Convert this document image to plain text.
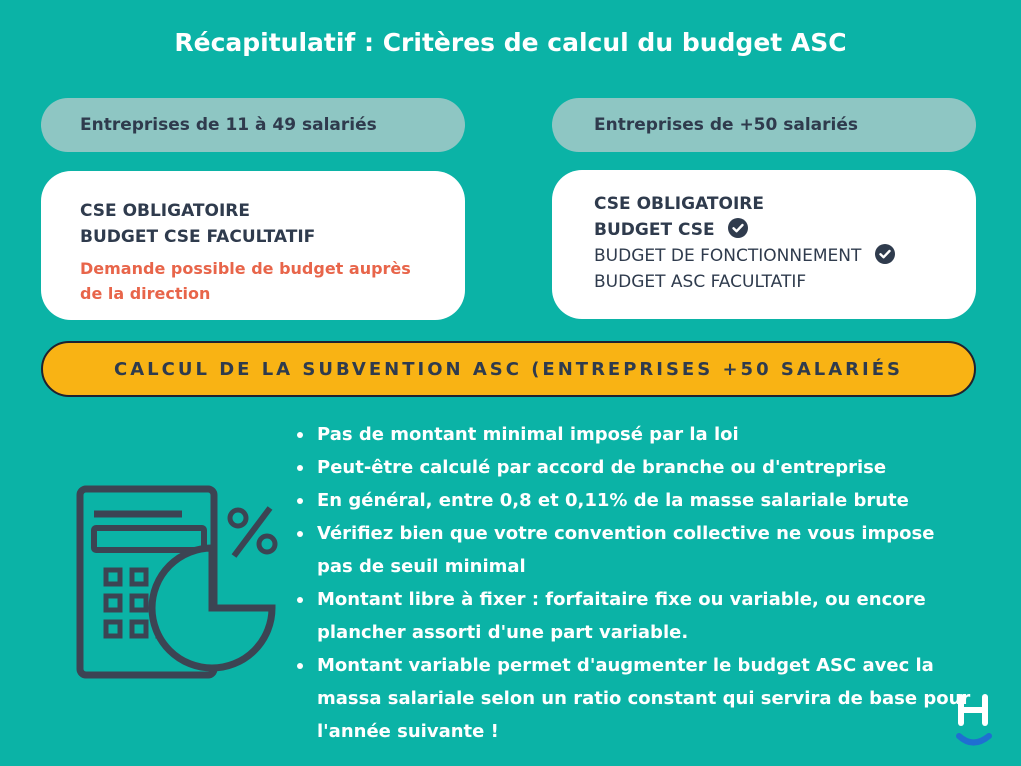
Récapitulatif : Critères de calcul du budget ASC
Entreprises de 11 à 49 salariés	Entreprises de +50 salariés
CSE OBLIGATOIRE
BUDGET CSE FACULTATIF
Demande possible de budget auprès
de la direction
CSE OBLIGATOIRE
BUDGET CSE
BUDGET DE FONCTIONNEMENT
BUDGET ASC FACULTATIF
CALCUL DE LA SUBVENTION ASC (ENTREPRISES +50 SALARIÉS
Pas de montant minimal imposé par la loi
Peut-être calculé par accord de branche ou d'entreprise
En général, entre 0,8 et 0,11% de la masse salariale brute
Vérifiez bien que votre convention collective ne vous impose pas de seuil minimal
Montant libre à fixer : forfaitaire fixe ou variable, ou encore plancher assorti d'une part variable.
Montant variable permet d'augmenter le budget ASC avec la massa salariale selon un ratio constant qui servira de base pour l'année suivante !
